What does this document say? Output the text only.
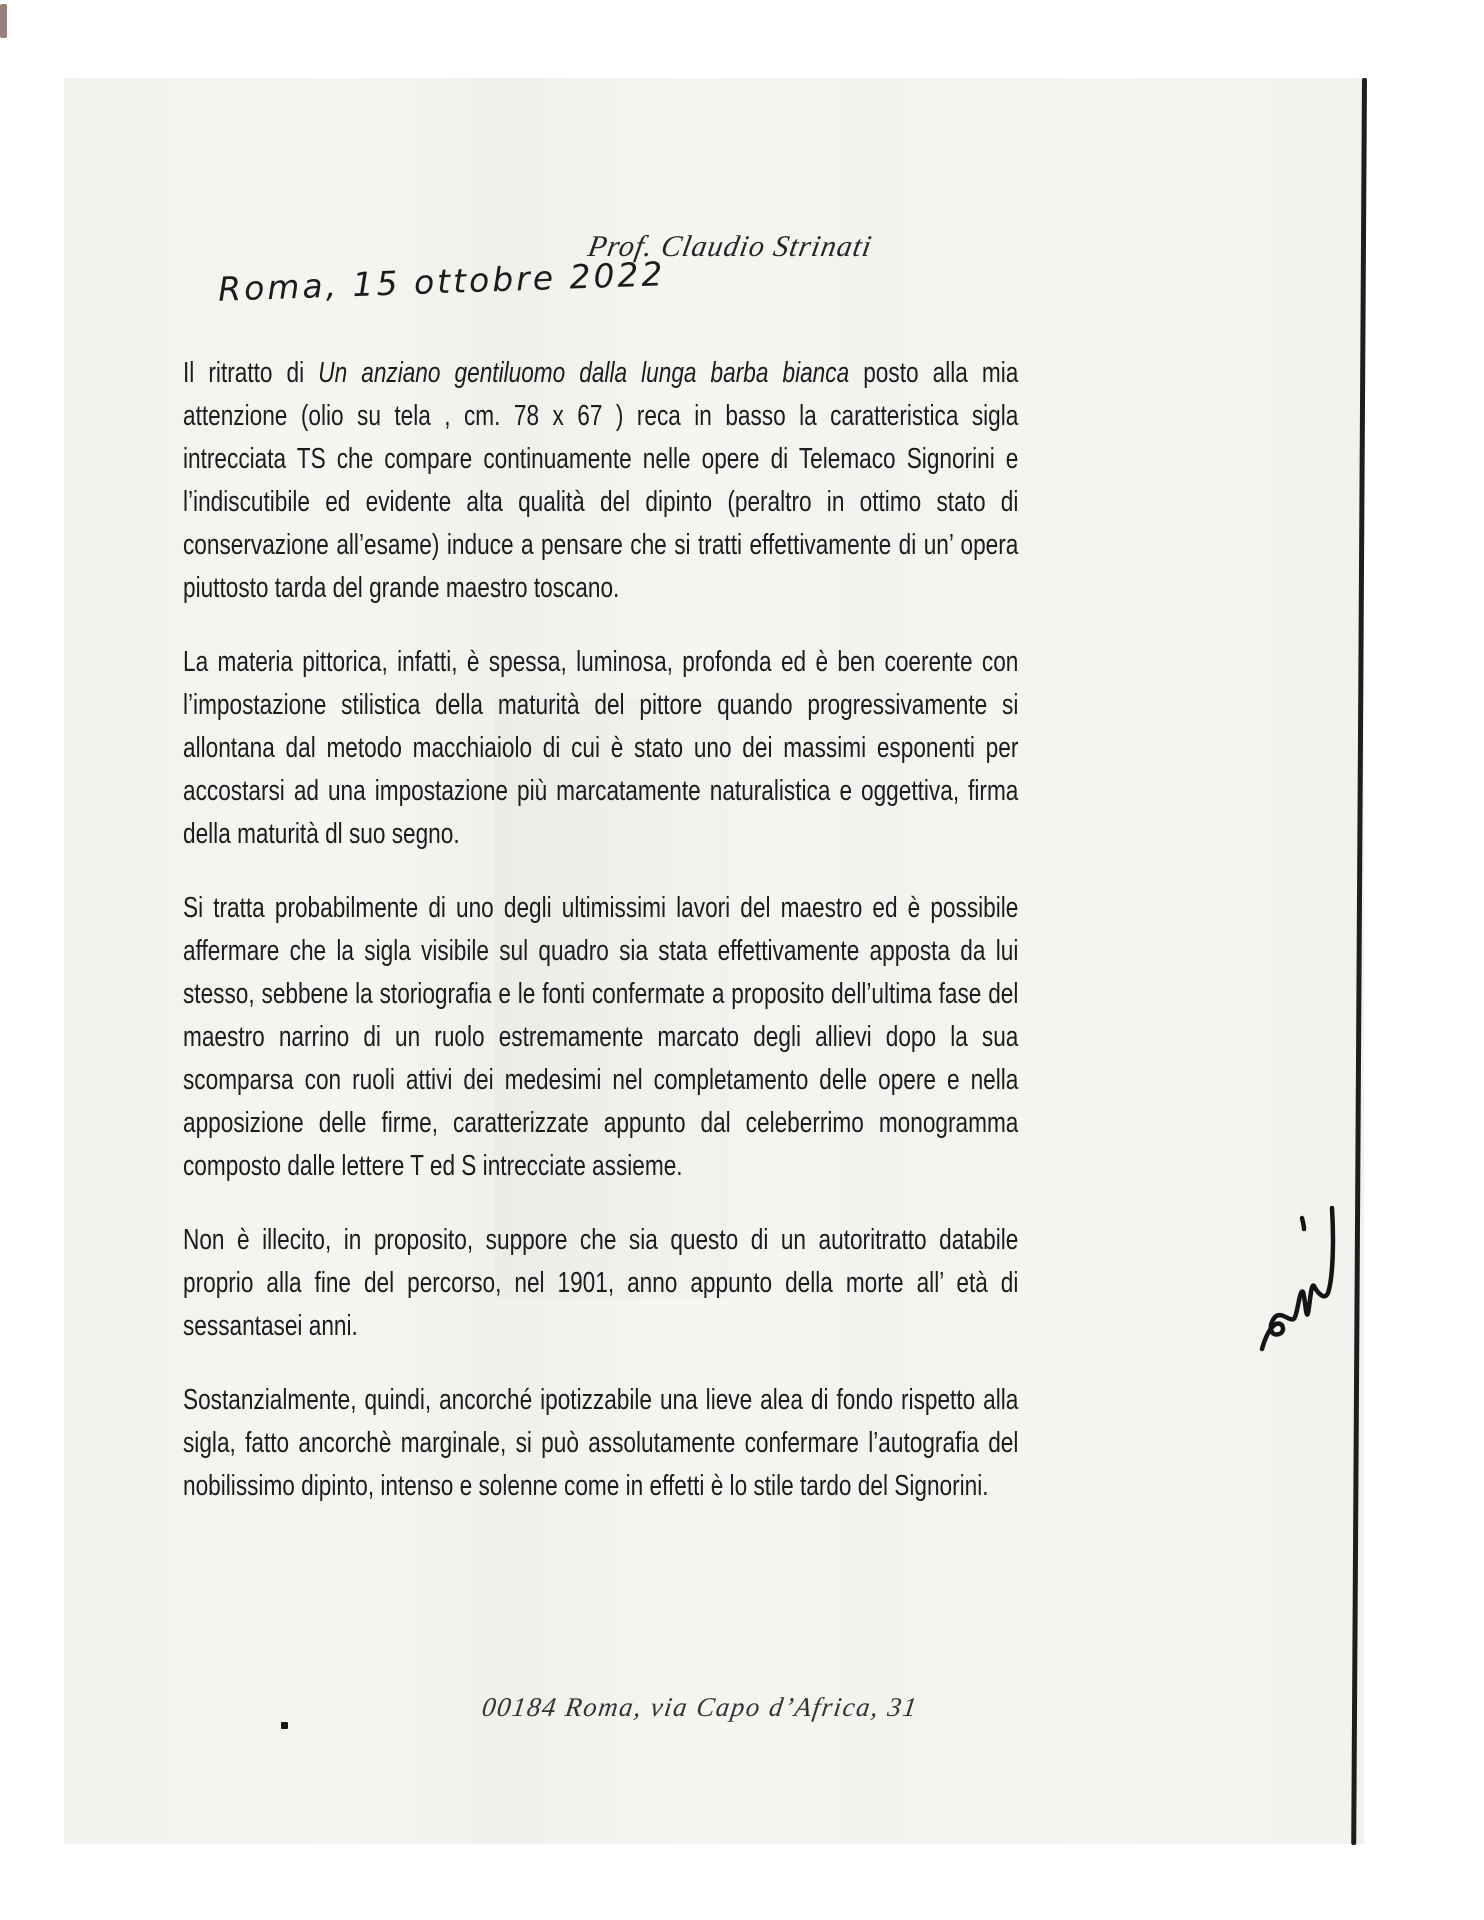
Prof. Claudio Strinati
Roma, 15 ottobre 2022

Il ritratto di Un anziano gentiluomo dalla lunga barba bianca posto alla mia attenzione (olio su tela , cm. 78 x 67 ) reca in basso la caratteristica sigla intrecciata TS che compare continuamente nelle opere di Telemaco Signorini e l’indiscutibile ed evidente alta qualità del dipinto (peraltro in ottimo stato di conservazione all’esame) induce a pensare che si tratti effettivamente di un’ opera piuttosto tarda del grande maestro toscano.

La materia pittorica, infatti, è spessa, luminosa, profonda ed è ben coerente con l’impostazione stilistica della maturità del pittore quando progressivamente si allontana dal metodo macchiaiolo di cui è stato uno dei massimi esponenti per accostarsi ad una impostazione più marcatamente naturalistica e oggettiva, firma della maturità dl suo segno.

Si tratta probabilmente di uno degli ultimissimi lavori del maestro ed è possibile affermare che la sigla visibile sul quadro sia stata effettivamente apposta da lui stesso, sebbene la storiografia e le fonti confermate a proposito dell’ultima fase del maestro narrino di un ruolo estremamente marcato degli allievi dopo la sua scomparsa con ruoli attivi dei medesimi nel completamento delle opere e nella apposizione delle firme, caratterizzate appunto dal celeberrimo monogramma composto dalle lettere T ed S intrecciate assieme.

Non è illecito, in proposito, suppore che sia questo di un autoritratto databile proprio alla fine del percorso, nel 1901, anno appunto della morte all’ età di sessantasei anni.

Sostanzialmente, quindi, ancorché ipotizzabile una lieve alea di fondo rispetto alla sigla, fatto ancorchè marginale, si può assolutamente confermare l’autografia del nobilissimo dipinto, intenso e solenne come in effetti è lo stile tardo del Signorini.

00184 Roma, via Capo d’Africa, 31
